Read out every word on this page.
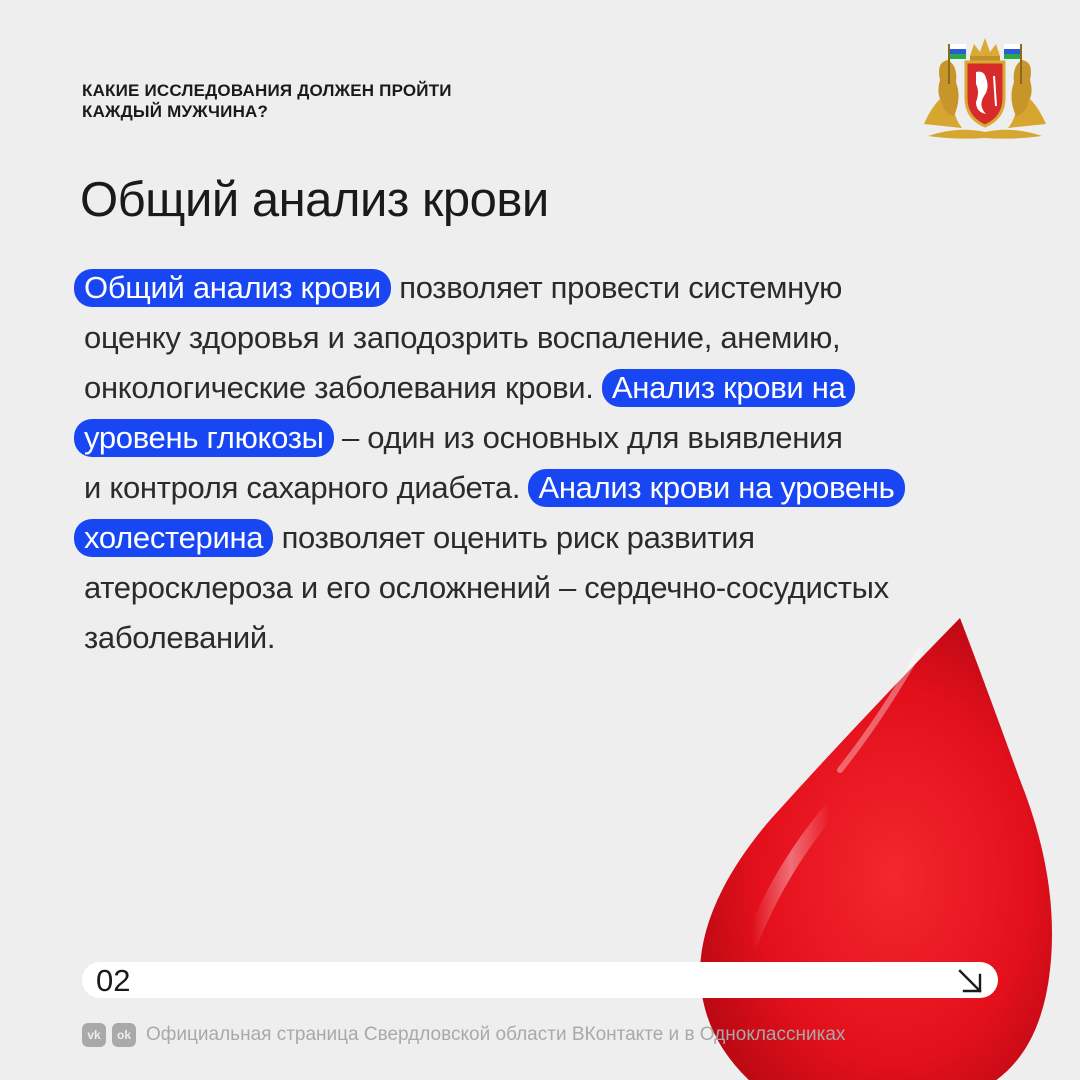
КАКИЕ ИССЛЕДОВАНИЯ ДОЛЖЕН ПРОЙТИ
КАЖДЫЙ МУЖЧИНА?
Общий анализ крови
Общий анализ крови позволяет провести системную
оценку здоровья и заподозрить воспаление, анемию,
онкологические заболевания крови. Анализ крови на
уровень глюкозы – один из основных для выявления
и контроля сахарного диабета. Анализ крови на уровень
холестерина позволяет оценить риск развития
атеросклероза и его осложнений – сердечно-сосудистых
заболеваний.
02
vk	ok Официальная страница Свердловской области ВКонтакте и в Одноклассниках
